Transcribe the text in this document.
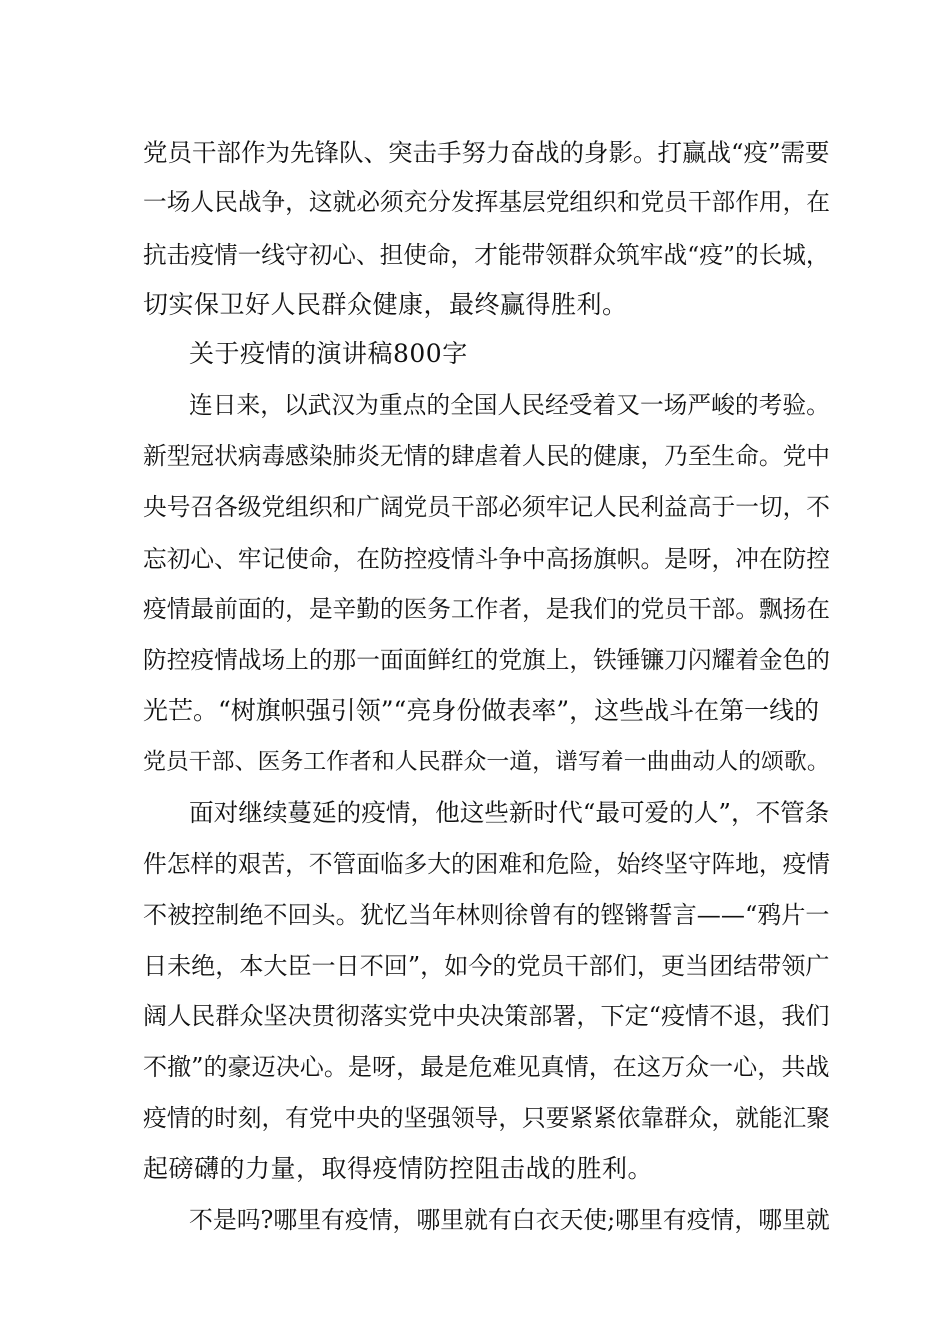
党员干部作为先锋队、突击手努力奋战的身影。打赢战“疫”需要
一场人民战争，这就必须充分发挥基层党组织和党员干部作用，在
抗击疫情一线守初心、担使命，才能带领群众筑牢战“疫”的长城，
切实保卫好人民群众健康，最终赢得胜利。
关于疫情的演讲稿800字
连日来，以武汉为重点的全国人民经受着又一场严峻的考验。
新型冠状病毒感染肺炎无情的肆虐着人民的健康，乃至生命。党中
央号召各级党组织和广阔党员干部必须牢记人民利益高于一切，不
忘初心、牢记使命，在防控疫情斗争中高扬旗帜。是呀，冲在防控
疫情最前面的，是辛勤的医务工作者，是我们的党员干部。飘扬在
防控疫情战场上的那一面面鲜红的党旗上，铁锤镰刀闪耀着金色的
光芒。“树旗帜强引领”“亮身份做表率”，这些战斗在第一线的
党员干部、医务工作者和人民群众一道，谱写着一曲曲动人的颂歌。
面对继续蔓延的疫情，他这些新时代“最可爱的人”，不管条
件怎样的艰苦，不管面临多大的困难和危险，始终坚守阵地，疫情
不被控制绝不回头。犹忆当年林则徐曾有的铿锵誓言——“鸦片一
日未绝，本大臣一日不回”，如今的党员干部们，更当团结带领广
阔人民群众坚决贯彻落实党中央决策部署，下定“疫情不退，我们
不撤”的豪迈决心。是呀，最是危难见真情，在这万众一心，共战
疫情的时刻，有党中央的坚强领导，只要紧紧依靠群众，就能汇聚
起磅礴的力量，取得疫情防控阻击战的胜利。
不是吗?哪里有疫情，哪里就有白衣天使;哪里有疫情，哪里就
